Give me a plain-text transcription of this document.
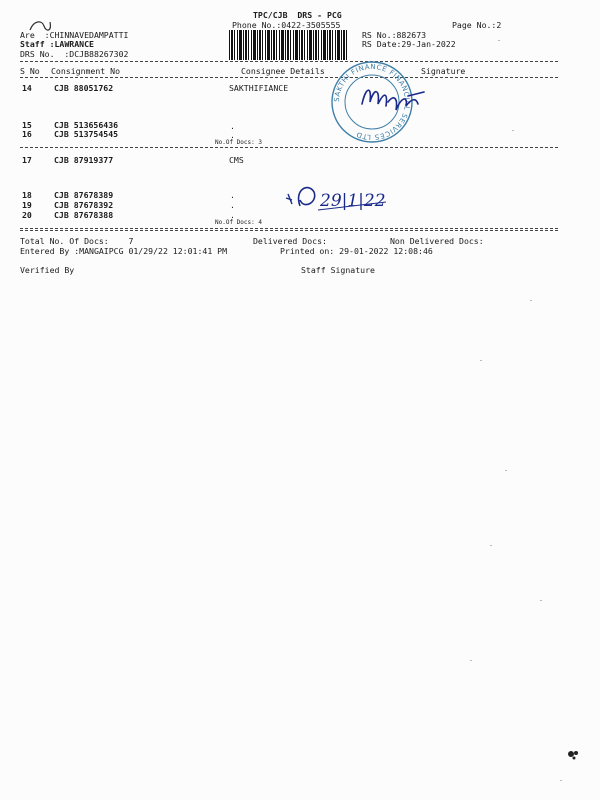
TPC/CJB  DRS - PCG
Phone No.:0422-3505555	Page No.:2
Are  :CHINNAVEDAMPATTI
Staff :LAWRANCE
DRS No.  :DCJB88267302
RS No.:882673
RS Date:29-Jan-2022
S No Consignment No	Consignee Details	Signature
14	CJB 88051762	SAKTHIFIANCE
15	CJB 513656436
16	CJB 513754545
.
.
No.Of Docs: 3
17	CJB 87919377	CMS
18	CJB 87678389
19	CJB 87678392
20	CJB 87678388
.
.
.
No.Of Docs: 4
Total No. Of Docs:    7	Delivered Docs:	Non Delivered Docs:
Entered By :MANGAIPCG 01/29/22 12:01:41 PM	Printed on: 29-01-2022 12:08:46
Verified By	Staff Signature
SAKTHI FINANCE FINANCIAL SERVICES LTD
29|1|22
